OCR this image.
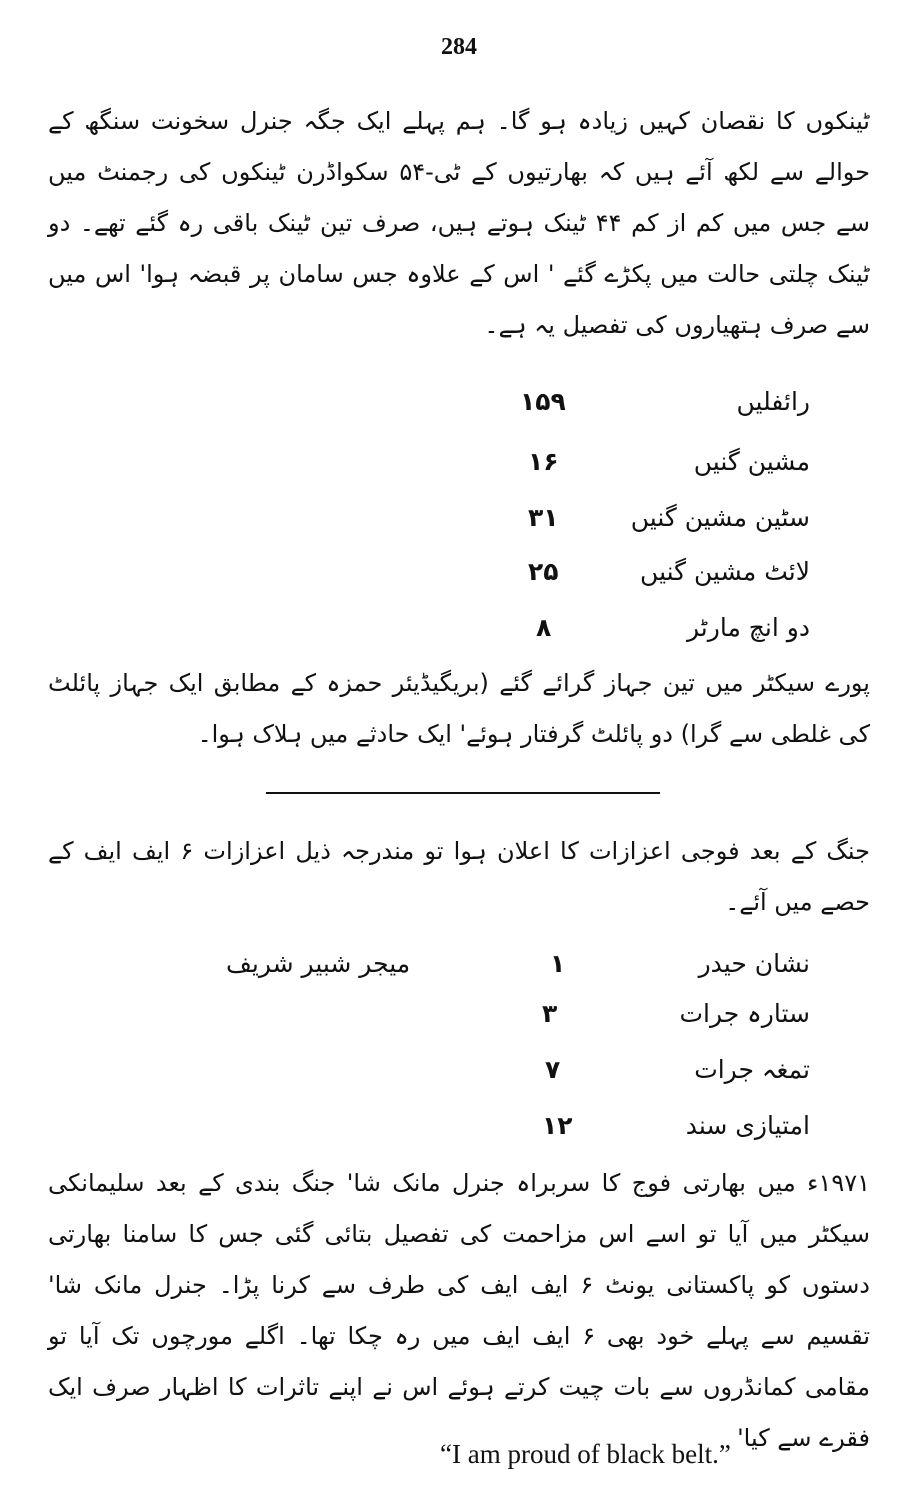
284

ٹینکوں کا نقصان کہیں زیادہ ہو گا۔ ہم پہلے ایک جگہ جنرل سخونت سنگھ کے حوالے سے لکھ آئے ہیں کہ بھارتیوں کے ٹی-۵۴ سکواڈرن ٹینکوں کی رجمنٹ میں سے جس میں کم از کم ۴۴ ٹینک ہوتے ہیں، صرف تین ٹینک باقی رہ گئے تھے۔ دو ٹینک چلتی حالت میں پکڑے گئے ' اس کے علاوہ جس سامان پر قبضہ ہوا' اس میں سے صرف ہتھیاروں کی تفصیل یہ ہے۔

رائفلیں
۱۵۹
مشین گنیں
۱۶
سٹین مشین گنیں
۳۱
لائٹ مشین گنیں
۲۵
دو انچ مارٹر
۸

پورے سیکٹر میں تین جہاز گرائے گئے (بریگیڈیئر حمزہ کے مطابق ایک جہاز پائلٹ کی غلطی سے گرا) دو پائلٹ گرفتار ہوئے' ایک حادثے میں ہلاک ہوا۔

جنگ کے بعد فوجی اعزازات کا اعلان ہوا تو مندرجہ ذیل اعزازات ۶ ایف ایف کے حصے میں آئے۔

نشان حیدر
۱
میجر شبیر شریف
ستارہ جرات
۳
تمغہ جرات
۷
امتیازی سند
۱۲

۱۹۷۱ء میں بھارتی فوج کا سربراہ جنرل مانک شا' جنگ بندی کے بعد سلیمانکی سیکٹر میں آیا تو اسے اس مزاحمت کی تفصیل بتائی گئی جس کا سامنا بھارتی دستوں کو پاکستانی یونٹ ۶ ایف ایف کی طرف سے کرنا پڑا۔ جنرل مانک شا' تقسیم سے پہلے خود بھی ۶ ایف ایف میں رہ چکا تھا۔ اگلے مورچوں تک آیا تو مقامی کمانڈروں سے بات چیت کرتے ہوئے اس نے اپنے تاثرات کا اظہار صرف ایک فقرے سے کیا'

“I am proud of black belt.”
